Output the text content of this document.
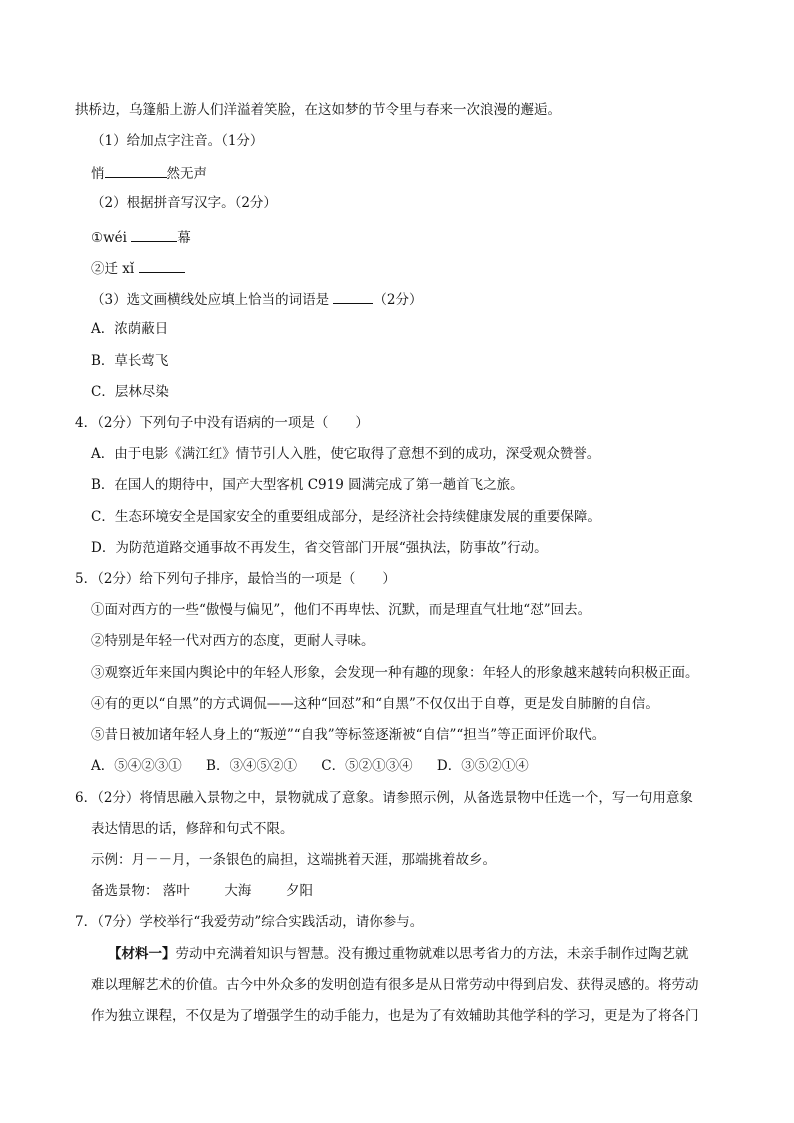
拱桥边，乌篷船上游人们洋溢着笑脸，在这如梦的节令里与春来一次浪漫的邂逅。
（1）给加点字注音。（1分）
悄	然无声
（2）根据拼音写汉字。（2分）
①wéi	幕
②迁 xǐ
（3）选文画横线处应填上恰当的词语是	（2分）
A．浓荫蔽日
B．草长莺飞
C．层林尽染
4．（2分）下列句子中没有语病的一项是（　　）
A．由于电影《满江红》情节引人入胜，使它取得了意想不到的成功，深受观众赞誉。
B．在国人的期待中，国产大型客机 C919 圆满完成了第一趟首飞之旅。
C．生态环境安全是国家安全的重要组成部分，是经济社会持续健康发展的重要保障。
D．为防范道路交通事故不再发生，省交管部门开展“强执法，防事故”行动。
5．（2分）给下列句子排序，最恰当的一项是（　　）
①面对西方的一些“傲慢与偏见”，他们不再卑怯、沉默，而是理直气壮地“怼”回去。
②特别是年轻一代对西方的态度，更耐人寻味。
③观察近年来国内舆论中的年轻人形象，会发现一种有趣的现象：年轻人的形象越来越转向积极正面。
④有的更以“自黑”的方式调侃——这种“回怼”和“自黑”不仅仅出于自尊，更是发自肺腑的自信。
⑤昔日被加诸年轻人身上的“叛逆”“自我”等标签逐渐被“自信”“担当”等正面评价取代。
A．⑤④②③① B．③④⑤②① C．⑤②①③④ D．③⑤②①④
6．（2分）将情思融入景物之中，景物就成了意象。请参照示例，从备选景物中任选一个，写一句用意象
表达情思的话，修辞和句式不限。
示例：月－－月，一条银色的扁担，这端挑着天涯，那端挑着故乡。
备选景物： 落叶	大海	夕阳
7．（7分）学校举行“我爱劳动”综合实践活动，请你参与。
【材料一】劳动中充满着知识与智慧。没有搬过重物就难以思考省力的方法，未亲手制作过陶艺就
难以理解艺术的价值。古今中外众多的发明创造有很多是从日常劳动中得到启发、获得灵感的。将劳动
作为独立课程，不仅是为了增强学生的动手能力，也是为了有效辅助其他学科的学习，更是为了将各门
